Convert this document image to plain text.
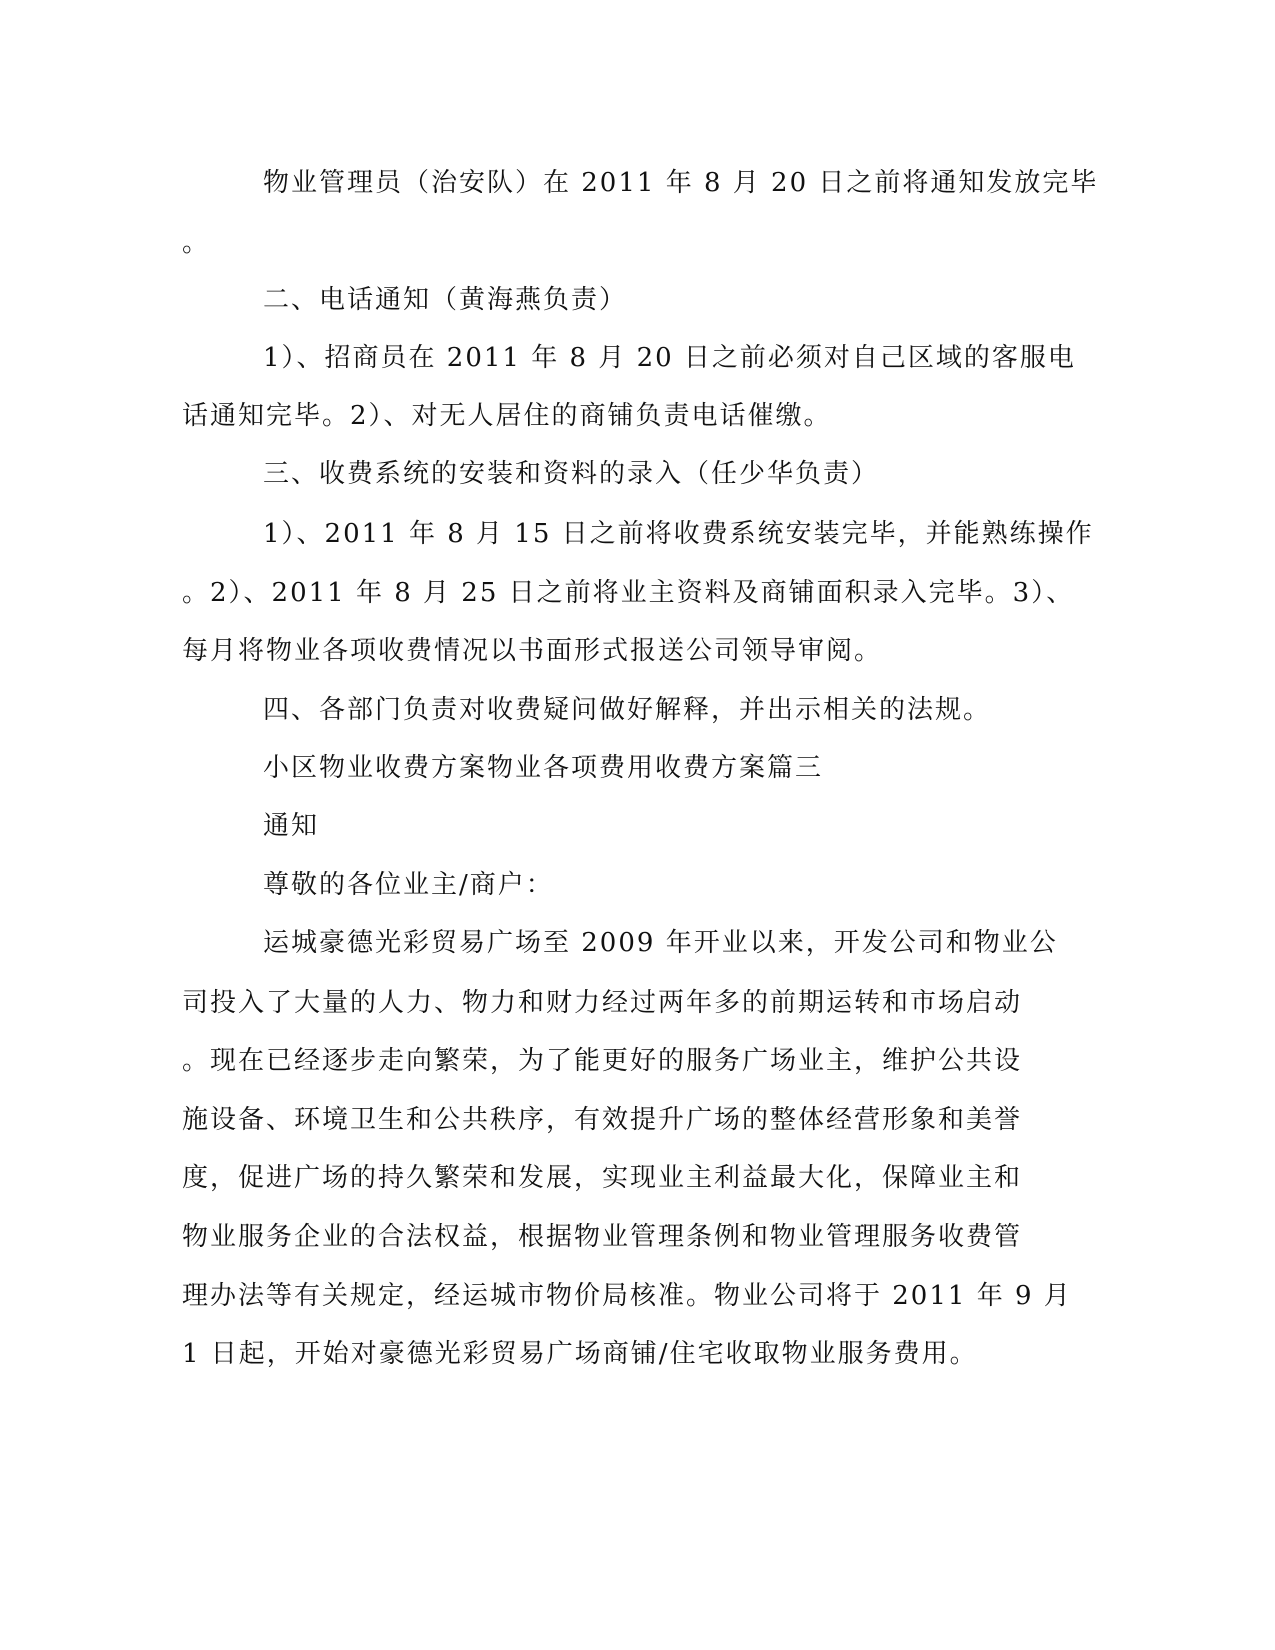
物业管理员（治安队）在 2011 年 8 月 20 日之前将通知发放完毕
。
二、电话通知（黄海燕负责）
1）、招商员在 2011 年 8 月 20 日之前必须对自己区域的客服电
话通知完毕。2）、对无人居住的商铺负责电话催缴。
三、收费系统的安装和资料的录入（任少华负责）
1）、2011 年 8 月 15 日之前将收费系统安装完毕，并能熟练操作
。2）、2011 年 8 月 25 日之前将业主资料及商铺面积录入完毕。3）、
每月将物业各项收费情况以书面形式报送公司领导审阅。
四、各部门负责对收费疑问做好解释，并出示相关的法规。
小区物业收费方案物业各项费用收费方案篇三
通知
尊敬的各位业主/商户：
运城豪德光彩贸易广场至 2009 年开业以来，开发公司和物业公
司投入了大量的人力、物力和财力经过两年多的前期运转和市场启动
。现在已经逐步走向繁荣，为了能更好的服务广场业主，维护公共设
施设备、环境卫生和公共秩序，有效提升广场的整体经营形象和美誉
度，促进广场的持久繁荣和发展，实现业主利益最大化，保障业主和
物业服务企业的合法权益，根据物业管理条例和物业管理服务收费管
理办法等有关规定，经运城市物价局核准。物业公司将于 2011 年 9 月
1 日起，开始对豪德光彩贸易广场商铺/住宅收取物业服务费用。
